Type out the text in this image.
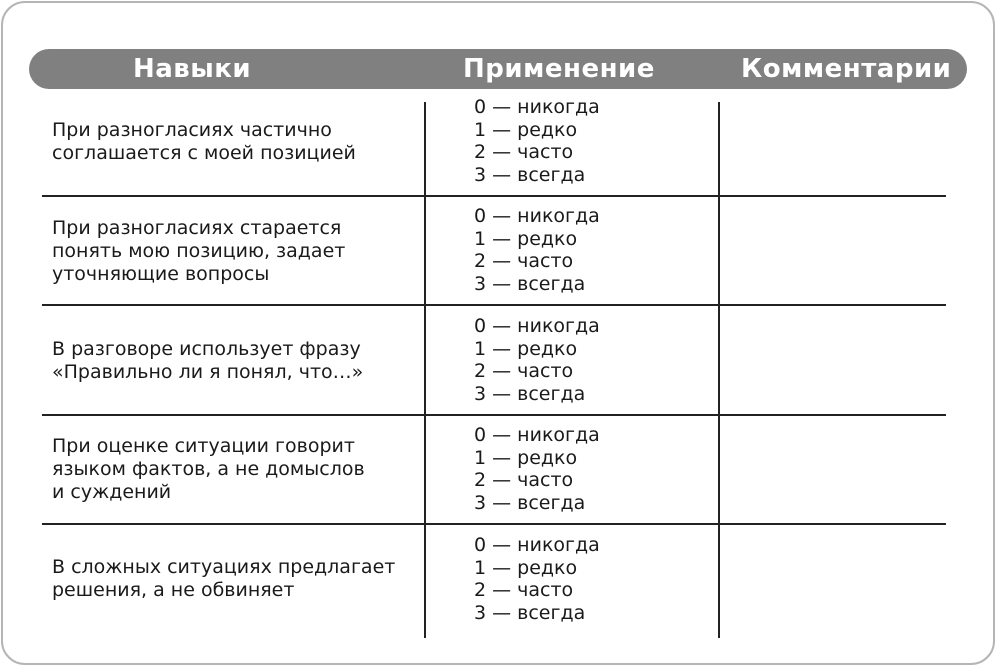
Навыки	Применение	Комментарии
При разногласиях частично
соглашается с моей позицией
0 — никогда
1 — редко
2 — часто
3 — всегда
При разногласиях старается
понять мою позицию, задает
уточняющие вопросы
0 — никогда
1 — редко
2 — часто
3 — всегда
В разговоре использует фразу
«Правильно ли я понял, что…»
0 — никогда
1 — редко
2 — часто
3 — всегда
При оценке ситуации говорит
языком фактов, а не домыслов
и суждений
0 — никогда
1 — редко
2 — часто
3 — всегда
В сложных ситуациях предлагает
решения, а не обвиняет
0 — никогда
1 — редко
2 — часто
3 — всегда
